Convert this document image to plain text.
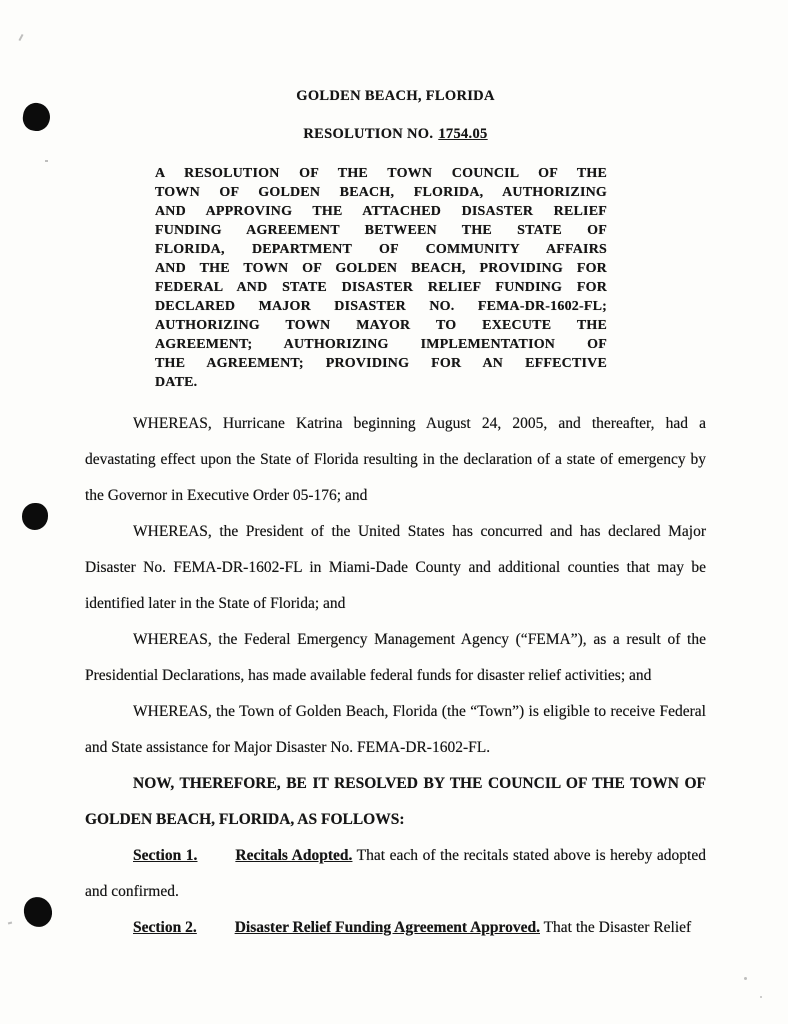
GOLDEN BEACH, FLORIDA
RESOLUTION NO. 1754.05
A RESOLUTION OF THE TOWN COUNCIL OF THE
TOWN OF GOLDEN BEACH, FLORIDA, AUTHORIZING
AND APPROVING THE ATTACHED DISASTER RELIEF
FUNDING AGREEMENT BETWEEN THE STATE OF
FLORIDA, DEPARTMENT OF COMMUNITY AFFAIRS
AND THE TOWN OF GOLDEN BEACH, PROVIDING FOR
FEDERAL AND STATE DISASTER RELIEF FUNDING FOR
DECLARED MAJOR DISASTER NO. FEMA-DR-1602-FL;
AUTHORIZING TOWN MAYOR TO EXECUTE THE
AGREEMENT; AUTHORIZING IMPLEMENTATION OF
THE AGREEMENT; PROVIDING FOR AN EFFECTIVE
DATE.

WHEREAS, Hurricane Katrina beginning August 24, 2005, and thereafter, had a devastating effect upon the State of Florida resulting in the declaration of a state of emergency by the Governor in Executive Order 05-176; and

WHEREAS, the President of the United States has concurred and has declared Major Disaster No. FEMA-DR-1602-FL in Miami-Dade County and additional counties that may be identified later in the State of Florida; and

WHEREAS, the Federal Emergency Management Agency (“FEMA”), as a result of the Presidential Declarations, has made available federal funds for disaster relief activities; and

WHEREAS, the Town of Golden Beach, Florida (the “Town”) is eligible to receive Federal and State assistance for Major Disaster No. FEMA-DR-1602-FL.

NOW, THEREFORE, BE IT RESOLVED BY THE COUNCIL OF THE TOWN OF GOLDEN BEACH, FLORIDA, AS FOLLOWS:

Section 1. Recitals Adopted. That each of the recitals stated above is hereby adopted and confirmed.

Section 2. Disaster Relief Funding Agreement Approved. That the Disaster Relief
